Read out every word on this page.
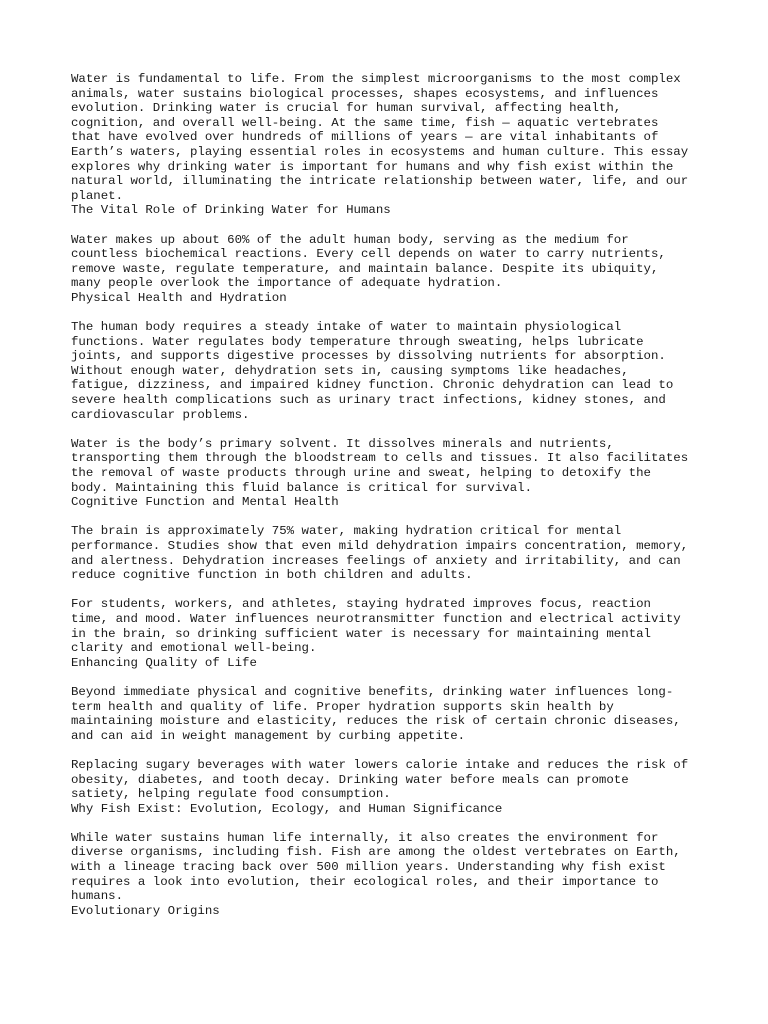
Water is fundamental to life. From the simplest microorganisms to the most complex
animals, water sustains biological processes, shapes ecosystems, and influences
evolution. Drinking water is crucial for human survival, affecting health,
cognition, and overall well-being. At the same time, fish — aquatic vertebrates
that have evolved over hundreds of millions of years — are vital inhabitants of
Earth’s waters, playing essential roles in ecosystems and human culture. This essay
explores why drinking water is important for humans and why fish exist within the
natural world, illuminating the intricate relationship between water, life, and our
planet.
The Vital Role of Drinking Water for Humans
Water makes up about 60% of the adult human body, serving as the medium for
countless biochemical reactions. Every cell depends on water to carry nutrients,
remove waste, regulate temperature, and maintain balance. Despite its ubiquity,
many people overlook the importance of adequate hydration.
Physical Health and Hydration
The human body requires a steady intake of water to maintain physiological
functions. Water regulates body temperature through sweating, helps lubricate
joints, and supports digestive processes by dissolving nutrients for absorption.
Without enough water, dehydration sets in, causing symptoms like headaches,
fatigue, dizziness, and impaired kidney function. Chronic dehydration can lead to
severe health complications such as urinary tract infections, kidney stones, and
cardiovascular problems.
Water is the body’s primary solvent. It dissolves minerals and nutrients,
transporting them through the bloodstream to cells and tissues. It also facilitates
the removal of waste products through urine and sweat, helping to detoxify the
body. Maintaining this fluid balance is critical for survival.
Cognitive Function and Mental Health
The brain is approximately 75% water, making hydration critical for mental
performance. Studies show that even mild dehydration impairs concentration, memory,
and alertness. Dehydration increases feelings of anxiety and irritability, and can
reduce cognitive function in both children and adults.
For students, workers, and athletes, staying hydrated improves focus, reaction
time, and mood. Water influences neurotransmitter function and electrical activity
in the brain, so drinking sufficient water is necessary for maintaining mental
clarity and emotional well-being.
Enhancing Quality of Life
Beyond immediate physical and cognitive benefits, drinking water influences long-
term health and quality of life. Proper hydration supports skin health by
maintaining moisture and elasticity, reduces the risk of certain chronic diseases,
and can aid in weight management by curbing appetite.
Replacing sugary beverages with water lowers calorie intake and reduces the risk of
obesity, diabetes, and tooth decay. Drinking water before meals can promote
satiety, helping regulate food consumption.
Why Fish Exist: Evolution, Ecology, and Human Significance
While water sustains human life internally, it also creates the environment for
diverse organisms, including fish. Fish are among the oldest vertebrates on Earth,
with a lineage tracing back over 500 million years. Understanding why fish exist
requires a look into evolution, their ecological roles, and their importance to
humans.
Evolutionary Origins
